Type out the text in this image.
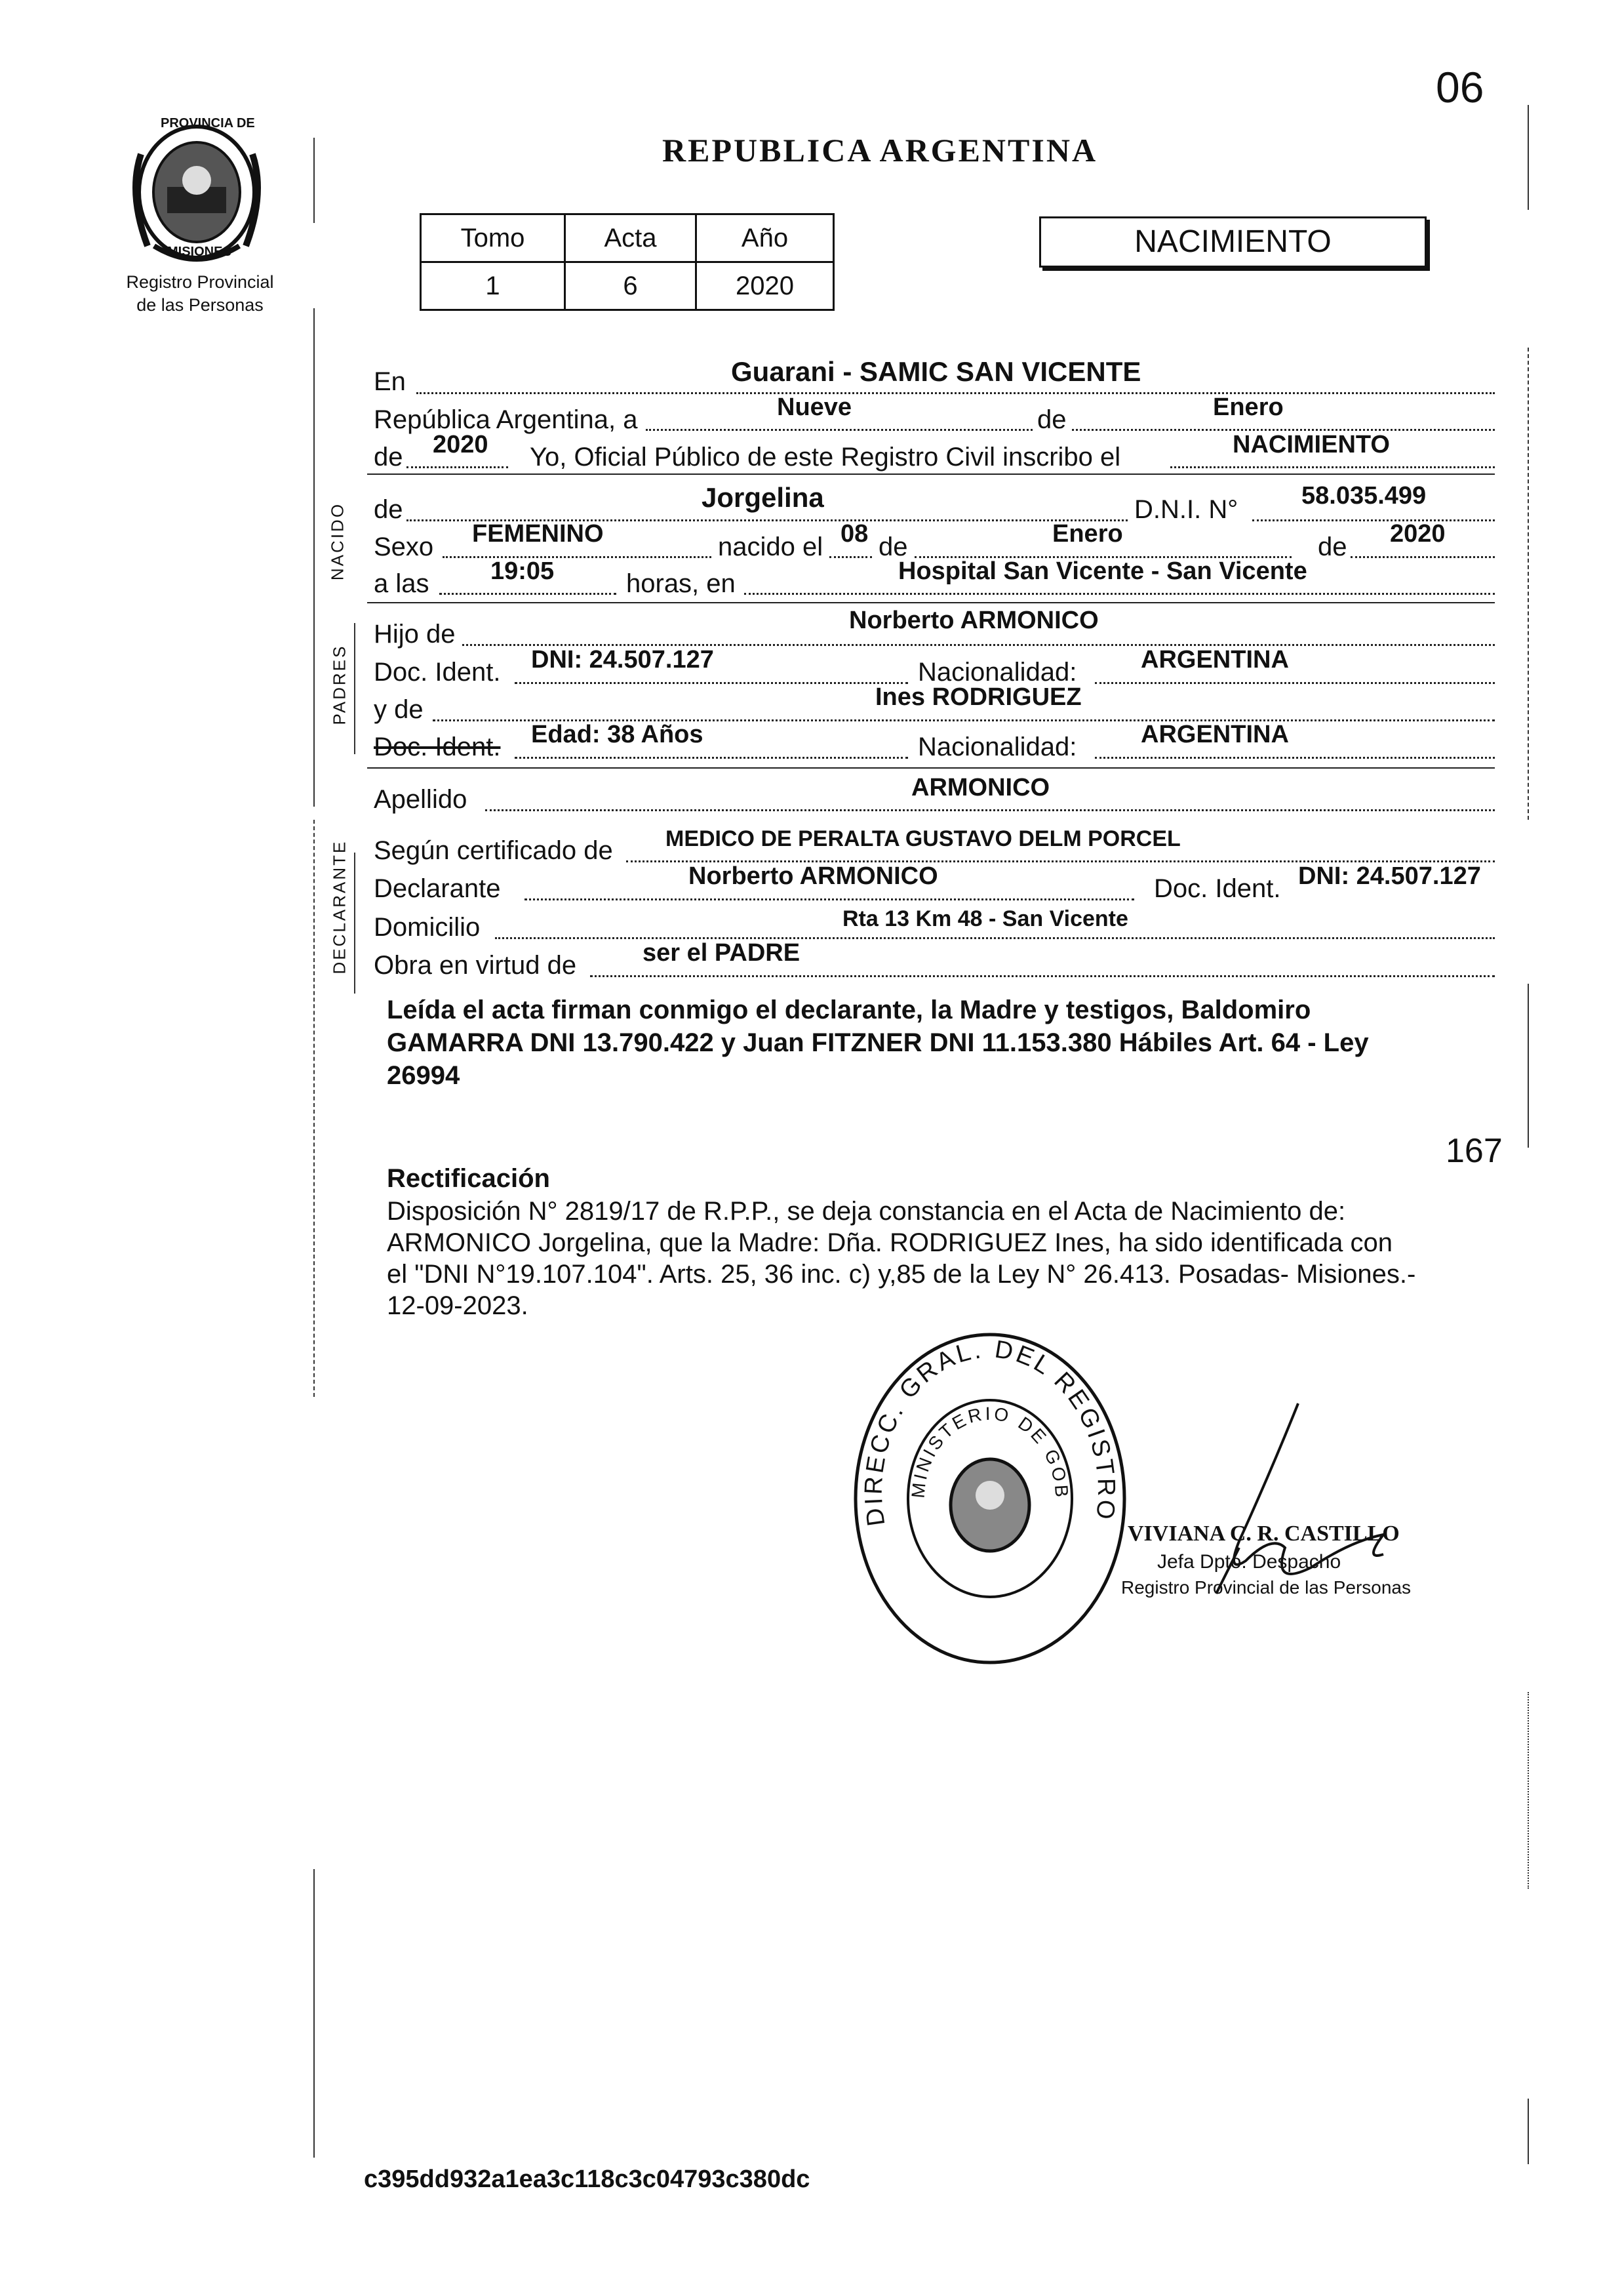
PROVINCIA DE
MISIONES
Registro Provincial
de las Personas
REPUBLICA ARGENTINA
06
Tomo	Acta	Año
1	6	2020
NACIMIENTO
NACIDO
PADRES
DECLARANTE
En	Guarani - SAMIC SAN VICENTE
República Argentina, a	Nueve	de	Enero
de 2020 Yo, Oficial Público de este Registro Civil inscribo el	NACIMIENTO
de	Jorgelina	D.N.I. N°	58.035.499
Sexo FEMENINO	nacido el 08 de	Enero	de 2020
a las 19:05	horas, en	Hospital San Vicente - San Vicente
Hijo de	Norberto ARMONICO
Doc. Ident. DNI: 24.507.127	Nacionalidad:	ARGENTINA
y de	Ines RODRIGUEZ
Doc. Ident. Edad: 38 Años	Nacionalidad:	ARGENTINA
Apellido	ARMONICO
Según certificado de MEDICO DE PERALTA GUSTAVO DELM PORCEL
Declarante	Norberto ARMONICO	Doc. Ident. DNI: 24.507.127
Domicilio	Rta 13 Km 48 - San Vicente
Obra en virtud de	ser el PADRE
Leída el acta firman conmigo el declarante, la Madre y testigos, Baldomiro
GAMARRA DNI 13.790.422 y Juan FITZNER DNI 11.153.380 Hábiles Art. 64 - Ley
26994
167
Rectificación
Disposición N° 2819/17 de R.P.P., se deja constancia en el Acta de Nacimiento de:
ARMONICO Jorgelina, que la Madre: Dña. RODRIGUEZ Ines, ha sido identificada con
el "DNI N°19.107.104". Arts. 25, 36 inc. c) y,85 de la Ley N° 26.413. Posadas- Misiones.-
12-09-2023.
DIRECC. GRAL. DEL REGISTRO
MINISTERIO DE GOB
VIVIANA C. R. CASTILLO
Jefa Dpto. Despacho
Registro Provincial de las Personas
c395dd932a1ea3c118c3c04793c380dc
